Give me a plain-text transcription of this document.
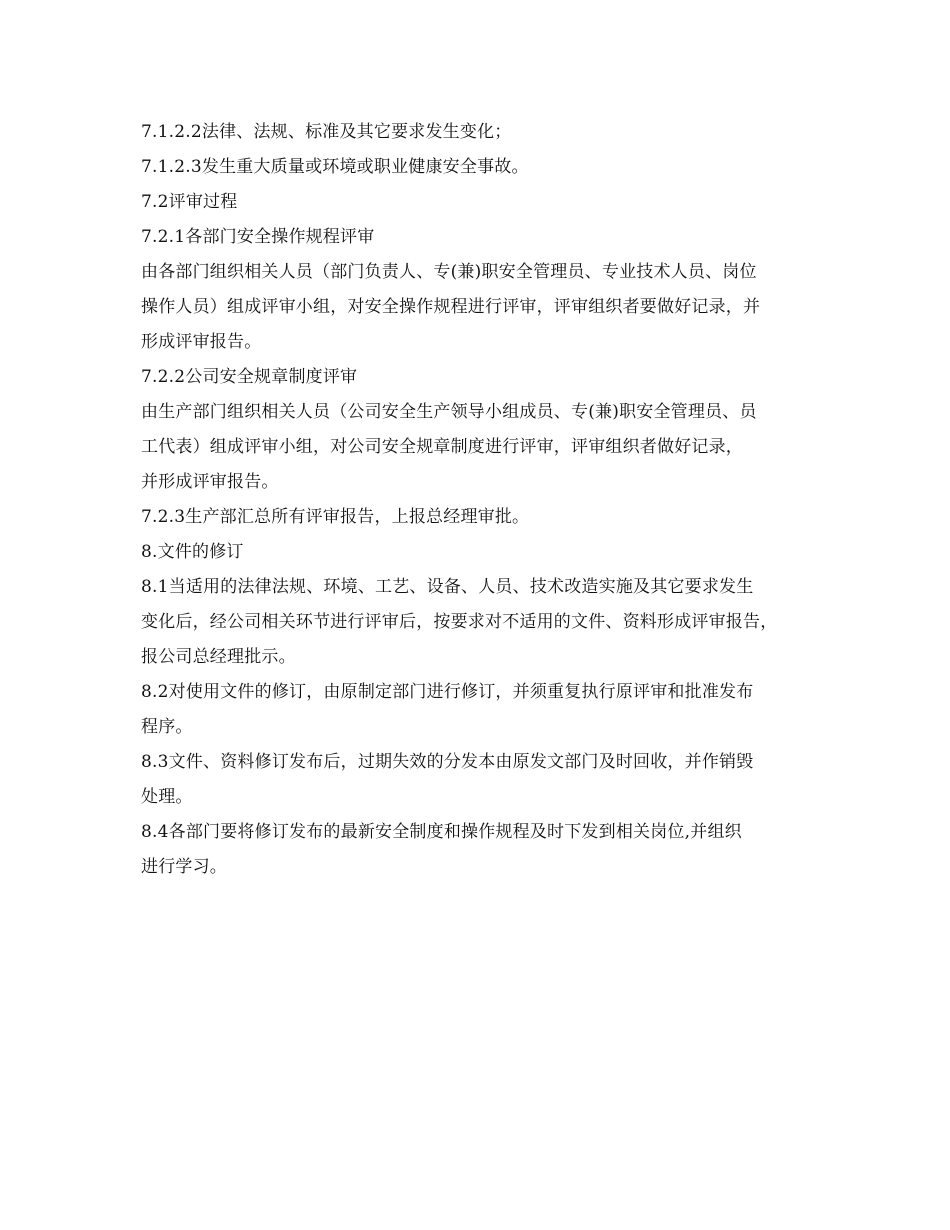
7.1.2.2法律、法规、标准及其它要求发生变化；
7.1.2.3发生重大质量或环境或职业健康安全事故。
7.2评审过程
7.2.1各部门安全操作规程评审
由各部门组织相关人员（部门负责人、专(兼)职安全管理员、专业技术人员、岗位
操作人员）组成评审小组，对安全操作规程进行评审，评审组织者要做好记录，并
形成评审报告。
7.2.2公司安全规章制度评审
由生产部门组织相关人员（公司安全生产领导小组成员、专(兼)职安全管理员、员
工代表）组成评审小组，对公司安全规章制度进行评审，评审组织者做好记录，
并形成评审报告。
7.2.3生产部汇总所有评审报告，上报总经理审批。
8.文件的修订
8.1当适用的法律法规、环境、工艺、设备、人员、技术改造实施及其它要求发生
变化后，经公司相关环节进行评审后，按要求对不适用的文件、资料形成评审报告，
报公司总经理批示。
8.2对使用文件的修订，由原制定部门进行修订，并须重复执行原评审和批准发布
程序。
8.3文件、资料修订发布后，过期失效的分发本由原发文部门及时回收，并作销毁
处理。
8.4各部门要将修订发布的最新安全制度和操作规程及时下发到相关岗位,并组织
进行学习。
